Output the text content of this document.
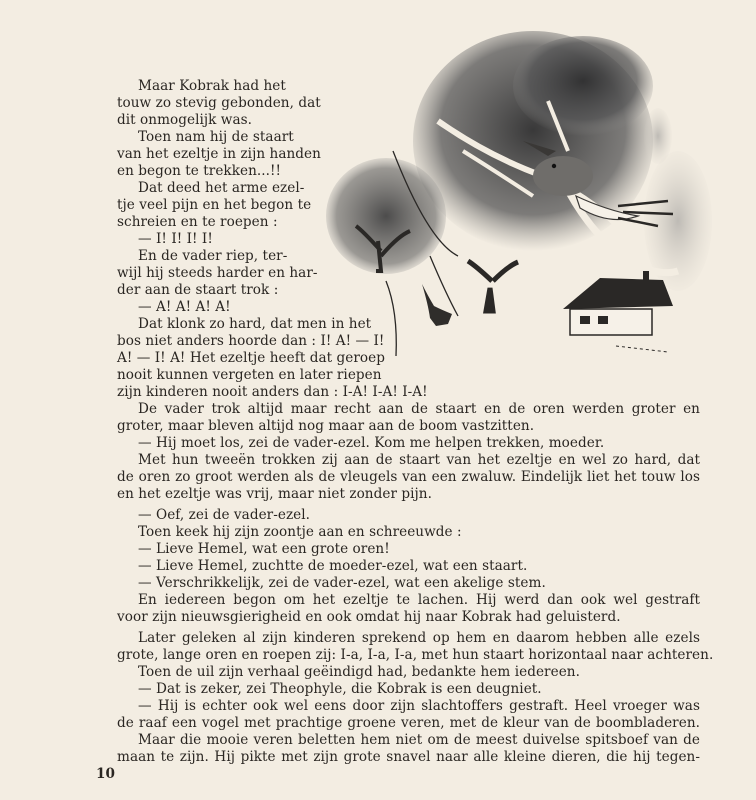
Maar Kobrak had het
touw zo stevig gebonden, dat
dit onmogelijk was.
Toen nam hij de staart
van het ezeltje in zijn handen
en begon te trekken...!!
Dat deed het arme ezel-
tje veel pijn en het begon te
schreien en te roepen :
— I! I! I! I!
En de vader riep, ter-
wijl hij steeds harder en har-
der aan de staart trok :
— A! A! A! A!
Dat klonk zo hard, dat men in het
bos niet anders hoorde dan : I! A! — I!
A! — I! A! Het ezeltje heeft dat geroep
nooit kunnen vergeten en later riepen
zijn kinderen nooit anders dan : I-A! I-A! I-A!
De vader trok altijd maar recht aan de staart en de oren werden groter en
groter, maar bleven altijd nog maar aan de boom vastzitten.
— Hij moet los, zei de vader-ezel. Kom me helpen trekken, moeder.
Met hun tweeën trokken zij aan de staart van het ezeltje en wel zo hard, dat
de oren zo groot werden als de vleugels van een zwaluw. Eindelijk liet het touw los
en het ezeltje was vrij, maar niet zonder pijn.
— Oef, zei de vader-ezel.
Toen keek hij zijn zoontje aan en schreeuwde :
— Lieve Hemel, wat een grote oren!
— Lieve Hemel, zuchtte de moeder-ezel, wat een staart.
— Verschrikkelijk, zei de vader-ezel, wat een akelige stem.
En iedereen begon om het ezeltje te lachen. Hij werd dan ook wel gestraft
voor zijn nieuwsgierigheid en ook omdat hij naar Kobrak had geluisterd.
Later geleken al zijn kinderen sprekend op hem en daarom hebben alle ezels
grote, lange oren en roepen zij: I-a, I-a, I-a, met hun staart horizontaal naar achteren.
Toen de uil zijn verhaal geëindigd had, bedankte hem iedereen.
— Dat is zeker, zei Theophyle, die Kobrak is een deugniet.
— Hij is echter ook wel eens door zijn slachtoffers gestraft. Heel vroeger was
de raaf een vogel met prachtige groene veren, met de kleur van de boombladeren.
Maar die mooie veren beletten hem niet om de meest duivelse spitsboef van de
maan te zijn. Hij pikte met zijn grote snavel naar alle kleine dieren, die hij tegen-
10
